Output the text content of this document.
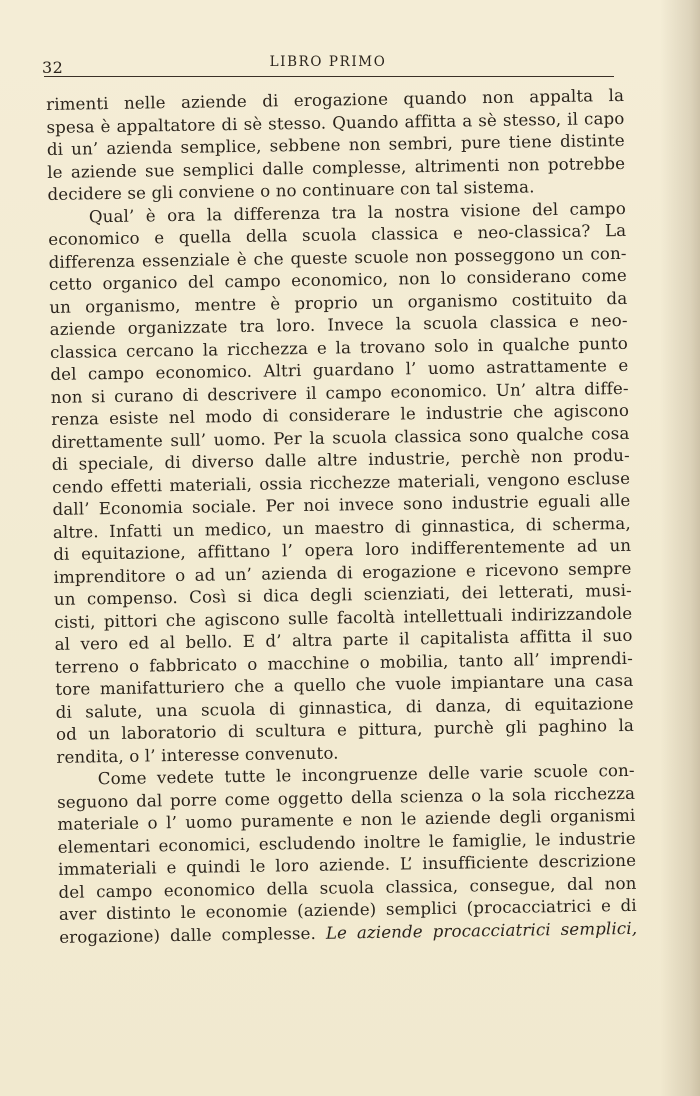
32	LIBRO PRIMO
rimenti nelle aziende di erogazione quando non appalta la
spesa è appaltatore di sè stesso. Quando affitta a sè stesso, il capo
di un’ azienda semplice, sebbene non sembri, pure tiene distinte
le aziende sue semplici dalle complesse, altrimenti non potrebbe
decidere se gli conviene o no continuare con tal sistema.
Qual’ è ora la differenza tra la nostra visione del campo
economico e quella della scuola classica e neo-classica? La
differenza essenziale è che queste scuole non posseggono un con-
cetto organico del campo economico, non lo considerano come
un organismo, mentre è proprio un organismo costituito da
aziende organizzate tra loro. Invece la scuola classica e neo-
classica cercano la ricchezza e la trovano solo in qualche punto
del campo economico. Altri guardano l’ uomo astrattamente e
non si curano di descrivere il campo economico. Un’ altra diffe-
renza esiste nel modo di considerare le industrie che agiscono
direttamente sull’ uomo. Per la scuola classica sono qualche cosa
di speciale, di diverso dalle altre industrie, perchè non produ-
cendo effetti materiali, ossia ricchezze materiali, vengono escluse
dall’ Economia sociale. Per noi invece sono industrie eguali alle
altre. Infatti un medico, un maestro di ginnastica, di scherma,
di equitazione, affittano l’ opera loro indifferentemente ad un
imprenditore o ad un’ azienda di erogazione e ricevono sempre
un compenso. Così si dica degli scienziati, dei letterati, musi-
cisti, pittori che agiscono sulle facoltà intellettuali indirizzandole
al vero ed al bello. E d’ altra parte il capitalista affitta il suo
terreno o fabbricato o macchine o mobilia, tanto all’ imprendi-
tore manifatturiero che a quello che vuole impiantare una casa
di salute, una scuola di ginnastica, di danza, di equitazione
od un laboratorio di scultura e pittura, purchè gli paghino la
rendita, o l’ interesse convenuto.
Come vedete tutte le incongruenze delle varie scuole con-
seguono dal porre come oggetto della scienza o la sola ricchezza
materiale o l’ uomo puramente e non le aziende degli organismi
elementari economici, escludendo inoltre le famiglie, le industrie
immateriali e quindi le loro aziende. L’ insufficiente descrizione
del campo economico della scuola classica, consegue, dal non
aver distinto le economie (aziende) semplici (procacciatrici e di
erogazione) dalle complesse. Le aziende procacciatrici semplici,
